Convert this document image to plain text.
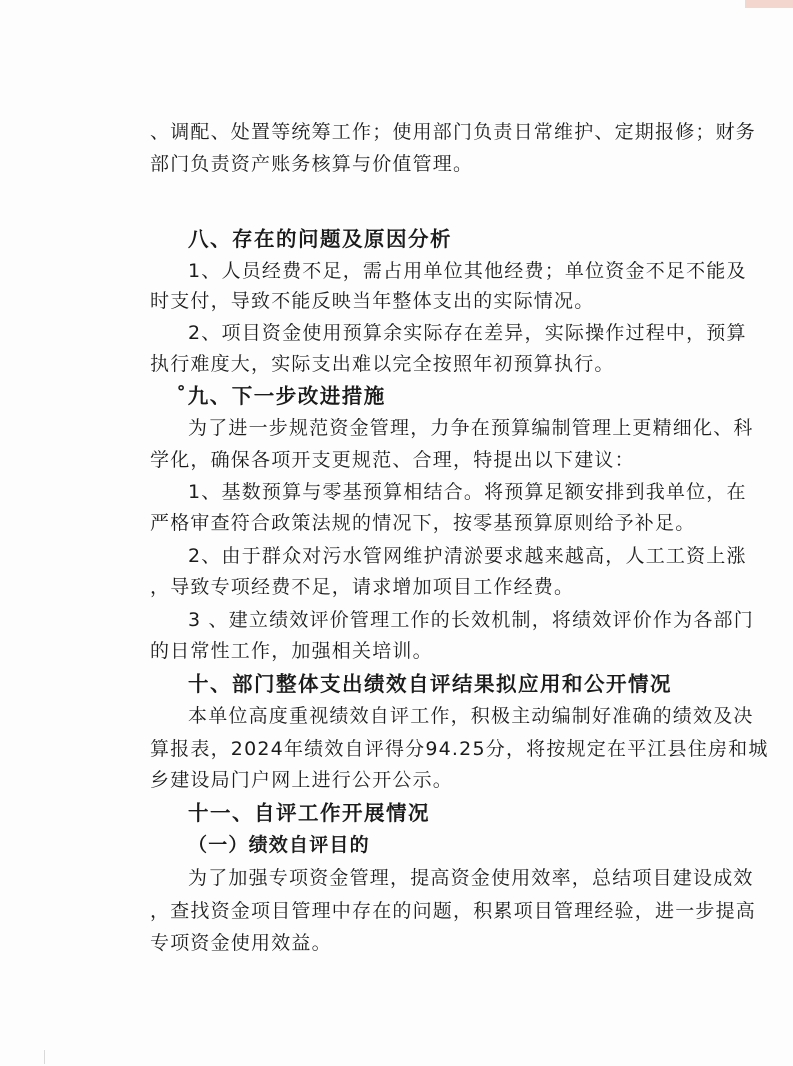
、调配、处置等统筹工作；使用部门负责日常维护、定期报修；财务
部门负责资产账务核算与价值管理。
八、存在的问题及原因分析
1、人员经费不足，需占用单位其他经费；单位资金不足不能及
时支付，导致不能反映当年整体支出的实际情况。
2、项目资金使用预算余实际存在差异，实际操作过程中，预算
执行难度大，实际支出难以完全按照年初预算执行。
˚九、下一步改进措施
为了进一步规范资金管理，力争在预算编制管理上更精细化、科
学化，确保各项开支更规范、合理，特提出以下建议：
1、基数预算与零基预算相结合。将预算足额安排到我单位，在
严格审查符合政策法规的情况下，按零基预算原则给予补足。
2、由于群众对污水管网维护清淤要求越来越高，人工工资上涨
，导致专项经费不足，请求增加项目工作经费。
3 、建立绩效评价管理工作的长效机制，将绩效评价作为各部门
的日常性工作，加强相关培训。
十、部门整体支出绩效自评结果拟应用和公开情况
本单位高度重视绩效自评工作，积极主动编制好准确的绩效及决
算报表，2024年绩效自评得分94.25分，将按规定在平江县住房和城
乡建设局门户网上进行公开公示。
十一、自评工作开展情况
（一）绩效自评目的
为了加强专项资金管理，提高资金使用效率，总结项目建设成效
，查找资金项目管理中存在的问题，积累项目管理经验，进一步提高
专项资金使用效益。
